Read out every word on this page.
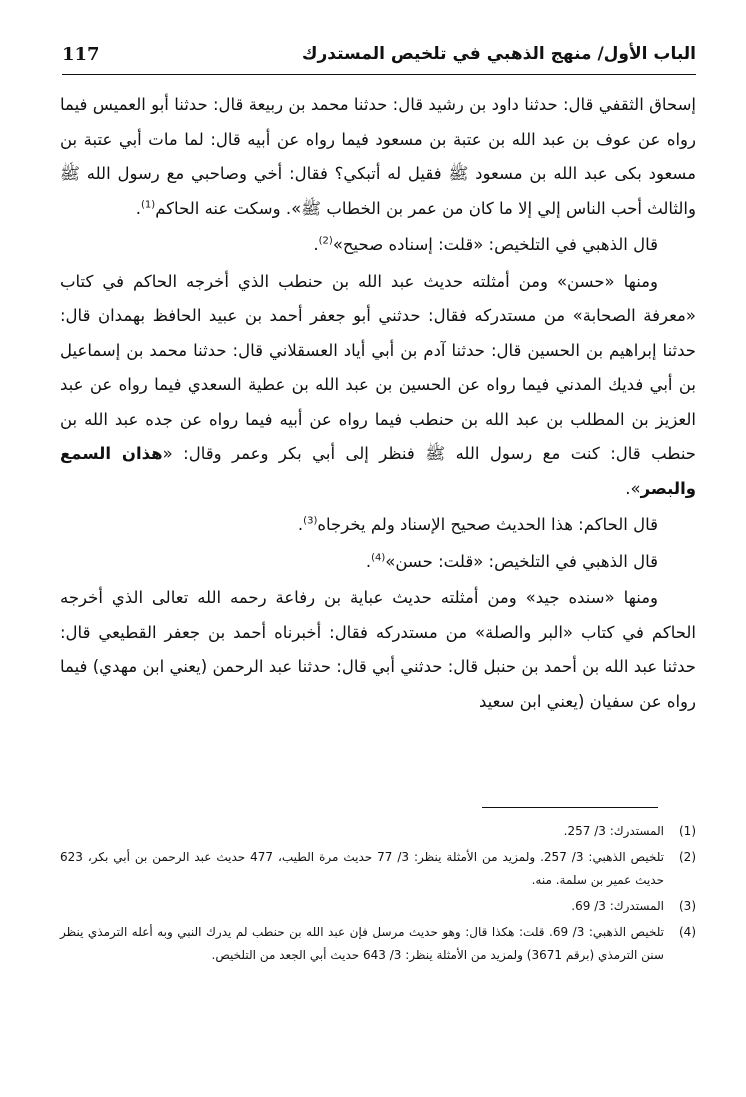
الباب الأول/ منهج الذهبي في تلخيص المستدرك
117

إسحاق الثقفي قال: حدثنا داود بن رشيد قال: حدثنا محمد بن ربيعة قال: حدثنا أبو العميس فيما رواه عن عوف بن عبد الله بن عتبة بن مسعود فيما رواه عن أبيه قال: لما مات أبي عتبة بن مسعود بكى عبد الله بن مسعود ﷺ فقيل له أتبكي؟ فقال: أخي وصاحبي مع رسول الله ﷺ والثالث أحب الناس إلي إلا ما كان من عمر بن الخطاب ﷺ». وسكت عنه الحاكم$^{(1)}$.

قال الذهبي في التلخيص: «قلت: إسناده صحيح»$^{(2)}$.

ومنها «حسن» ومن أمثلته حديث عبد الله بن حنطب الذي أخرجه الحاكم في كتاب «معرفة الصحابة» من مستدركه فقال: حدثني أبو جعفر أحمد بن عبيد الحافظ بهمدان قال: حدثنا إبراهيم بن الحسين قال: حدثنا آدم بن أبي أياد العسقلاني قال: حدثنا محمد بن إسماعيل بن أبي فديك المدني فيما رواه عن الحسين بن عبد الله بن عطية السعدي فيما رواه عن عبد العزيز بن المطلب بن عبد الله بن حنطب فيما رواه عن أبيه فيما رواه عن جده عبد الله بن حنطب قال: كنت مع رسول الله ﷺ فنظر إلى أبي بكر وعمر وقال: «هذان السمع والبصر».

قال الحاكم: هذا الحديث صحيح الإسناد ولم يخرجاه$^{(3)}$.

قال الذهبي في التلخيص: «قلت: حسن»$^{(4)}$.

ومنها «سنده جيد» ومن أمثلته حديث عباية بن رفاعة رحمه الله تعالى الذي أخرجه الحاكم في كتاب «البر والصلة» من مستدركه فقال: أخبرناه أحمد بن جعفر القطيعي قال: حدثنا عبد الله بن أحمد بن حنبل قال: حدثني أبي قال: حدثنا عبد الرحمن (يعني ابن مهدي) فيما رواه عن سفيان (يعني ابن سعيد

(1)
المستدرك: 3/ 257.
(2)
تلخيص الذهبي: 3/ 257. ولمزيد من الأمثلة ينظر: 3/ 77 حديث مرة الطيب، 477 حديث عبد الرحمن بن أبي بكر، 623 حديث عمير بن سلمة. منه.
(3)
المستدرك: 3/ 69.
(4)
تلخيص الذهبي: 3/ 69. قلت: هكذا قال: وهو حديث مرسل فإن عبد الله بن حنطب لم يدرك النبي وبه أعله الترمذي ينظر سنن الترمذي (برقم 3671) ولمزيد من الأمثلة ينظر: 3/ 643 حديث أبي الجعد من التلخيص.
